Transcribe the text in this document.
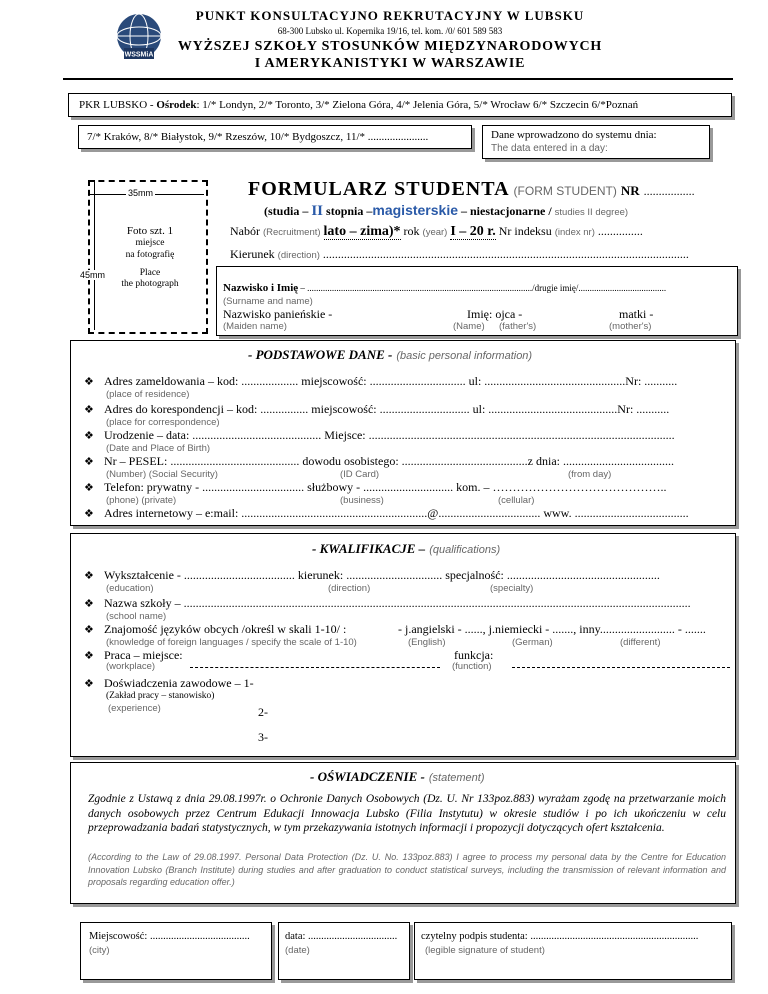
WSSMiA
PUNKT KONSULTACYJNO REKRUTACYJNY W LUBSKU
68-300 Lubsko ul. Kopernika 19/16, tel. kom. /0/ 601 589 583
WYŻSZEJ SZKOŁY STOSUNKÓW MIĘDZYNARODOWYCH
I AMERYKANISTYKI W WARSZAWIE
PKR LUBSKO - Ośrodek: 1/* Londyn, 2/* Toronto, 3/* Zielona Góra, 4/* Jelenia Góra, 5/* Wrocław 6/* Szczecin 6/*Poznań
7/* Kraków, 8/* Białystok, 9/* Rzeszów, 10/* Bydgoszcz, 11/* ......................	Dane wprowadzono do systemu dnia:
The data entered in a day:
35mm
45mm
Foto szt. 1
miejsce
na fotografię
Place
the photograph
FORMULARZ STUDENTA (FORM STUDENT) NR .................
(studia – II stopnia –magisterskie – niestacjonarne / studies II degree)
Nabór (Recruitment) lato – zima)* rok (year) I – 20 r. Nr indeksu (index nr) ...............
Kierunek (direction) ..........................................................................................................................
Nazwisko i Imię – ..................................................................................................../drugie imię/.......................................
(Surname and name)
Nazwisko panieńskie -	Imię: ojca -	matki -
(Maiden name)	(Name) (father's)	(mother's)
- PODSTAWOWE DANE - (basic personal information)
❖ Adres zameldowania – kod: ................... miejscowość: ................................ ul: ...............................................Nr: ...........
(place of residence)
❖ Adres do korespondencji – kod: ................ miejscowość: .............................. ul: ...........................................Nr: ...........
(place for correspondence)
❖ Urodzenie – data: ........................................... Miejsce: ......................................................................................................
(Date and Place of Birth)
❖ Nr – PESEL: ........................................... dowodu osobistego: ..........................................z dnia: .....................................
(Number) (Social Security)	(ID Card)	(from day)
❖ Telefon: prywatny - .................................. służbowy - .............................. kom. – ……………………………………..
(phone) (private)	(business)	(cellular)
❖ Adres internetowy – e:mail: ..............................................................@.................................. www. ......................................
- KWALIFIKACJE – (qualifications)
❖ Wykształcenie - ..................................... kierunek: ................................ specjalność: ...................................................
(education)	(direction)	(specialty)
❖ Nazwa szkoły – .........................................................................................................................................................................
(school name)
❖ Znajomość języków obcych /określ w skali 1-10/ :	- j.angielski - ......, j.niemiecki - ......., inny......................... - .......
(knowledge of foreign languages / specify the scale of 1-10)	(English)	(German)	(different)
❖ Praca – miejsce:	funkcja:
(workplace)	(function)
❖ Doświadczenia zawodowe – 1-
(Zakład pracy – stanowisko)
(experience)	2-
3-
- OŚWIADCZENIE - (statement)
Zgodnie z Ustawą z dnia 29.08.1997r. o Ochronie Danych Osobowych (Dz. U. Nr 133poz.883) wyrażam zgodę na przetwarzanie moich danych osobowych przez Centrum Edukacji Innowacja Lubsko (Filia Instytutu) w okresie studiów i po ich ukończeniu w celu przeprowadzania badań statystycznych, w tym przekazywania istotnych informacji i propozycji dotyczących ofert kształcenia.
(According to the Law of 29.08.1997. Personal Data Protection (Dz. U. No. 133poz.883) I agree to process my personal data by the Centre for Education Innovation Lubsko (Branch Institute) during studies and after graduation to conduct statistical surveys, including the transmission of relevant information and proposals regarding education offer.)
Miejscowość: ......................................
(city)
data: ..................................
(date)
czytelny podpis studenta: ................................................................
(legible signature of student)
